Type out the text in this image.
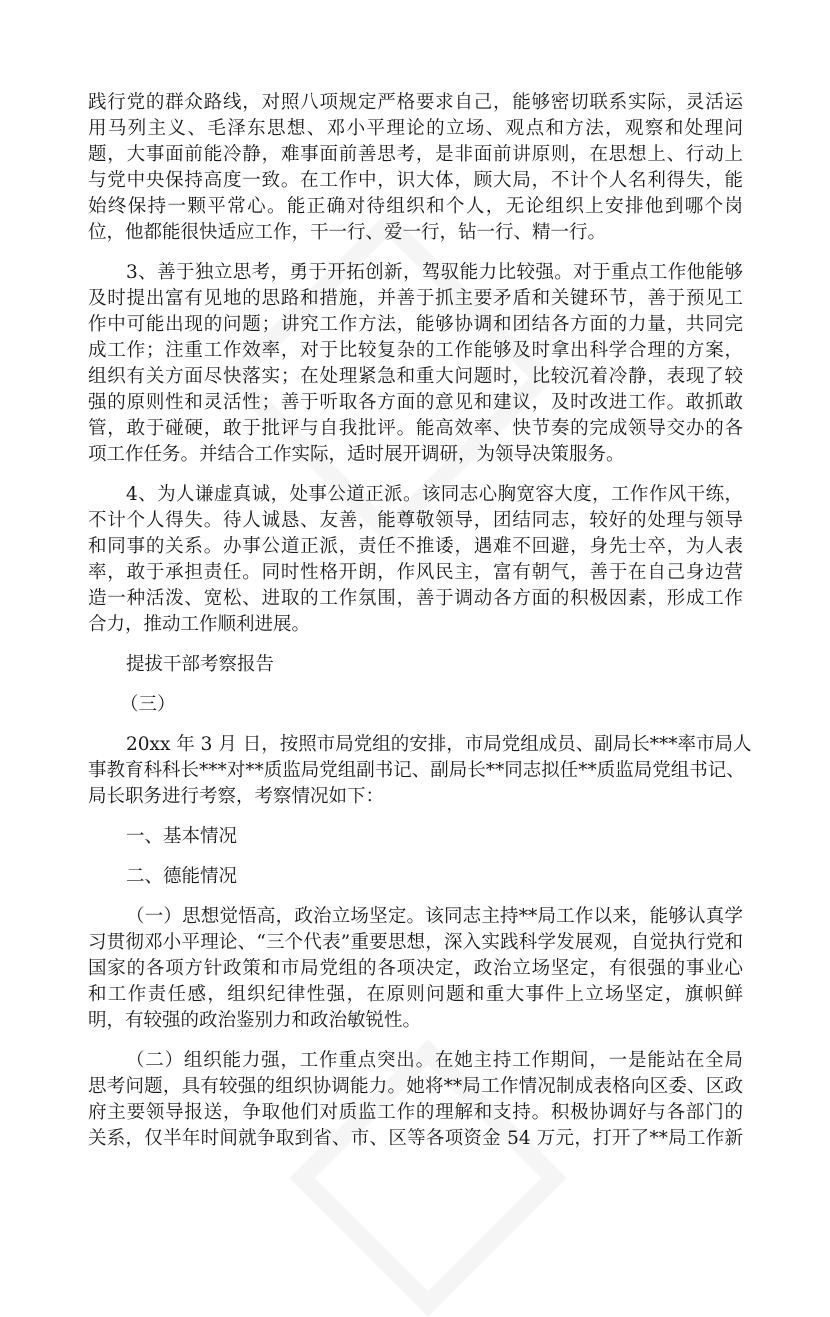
践行党的群众路线，对照八项规定严格要求自己，能够密切联系实际，灵活运
用马列主义、毛泽东思想、邓小平理论的立场、观点和方法，观察和处理问
题，大事面前能冷静，难事面前善思考，是非面前讲原则，在思想上、行动上
与党中央保持高度一致。在工作中，识大体，顾大局，不计个人名利得失，能
始终保持一颗平常心。能正确对待组织和个人，无论组织上安排他到哪个岗
位，他都能很快适应工作，干一行、爱一行，钻一行、精一行。
3、善于独立思考，勇于开拓创新，驾驭能力比较强。对于重点工作他能够
及时提出富有见地的思路和措施，并善于抓主要矛盾和关键环节，善于预见工
作中可能出现的问题；讲究工作方法，能够协调和团结各方面的力量，共同完
成工作；注重工作效率，对于比较复杂的工作能够及时拿出科学合理的方案，
组织有关方面尽快落实；在处理紧急和重大问题时，比较沉着冷静，表现了较
强的原则性和灵活性；善于听取各方面的意见和建议，及时改进工作。敢抓敢
管，敢于碰硬，敢于批评与自我批评。能高效率、快节奏的完成领导交办的各
项工作任务。并结合工作实际，适时展开调研，为领导决策服务。
4、为人谦虚真诚，处事公道正派。该同志心胸宽容大度，工作作风干练，
不计个人得失。待人诚恳、友善，能尊敬领导，团结同志，较好的处理与领导
和同事的关系。办事公道正派，责任不推诿，遇难不回避，身先士卒，为人表
率，敢于承担责任。同时性格开朗，作风民主，富有朝气，善于在自己身边营
造一种活泼、宽松、进取的工作氛围，善于调动各方面的积极因素，形成工作
合力，推动工作顺利进展。
提拔干部考察报告
（三）
20xx 年 3 月 日，按照市局党组的安排，市局党组成员、副局长***率市局人
事教育科科长***对**质监局党组副书记、副局长**同志拟任**质监局党组书记、
局长职务进行考察，考察情况如下：
一、基本情况
二、德能情况
（一）思想觉悟高，政治立场坚定。该同志主持**局工作以来，能够认真学
习贯彻邓小平理论、“三个代表”重要思想，深入实践科学发展观，自觉执行党和
国家的各项方针政策和市局党组的各项决定，政治立场坚定，有很强的事业心
和工作责任感，组织纪律性强，在原则问题和重大事件上立场坚定，旗帜鲜
明，有较强的政治鉴别力和政治敏锐性。
（二）组织能力强，工作重点突出。在她主持工作期间，一是能站在全局
思考问题，具有较强的组织协调能力。她将**局工作情况制成表格向区委、区政
府主要领导报送，争取他们对质监工作的理解和支持。积极协调好与各部门的
关系，仅半年时间就争取到省、市、区等各项资金 54 万元，打开了**局工作新
